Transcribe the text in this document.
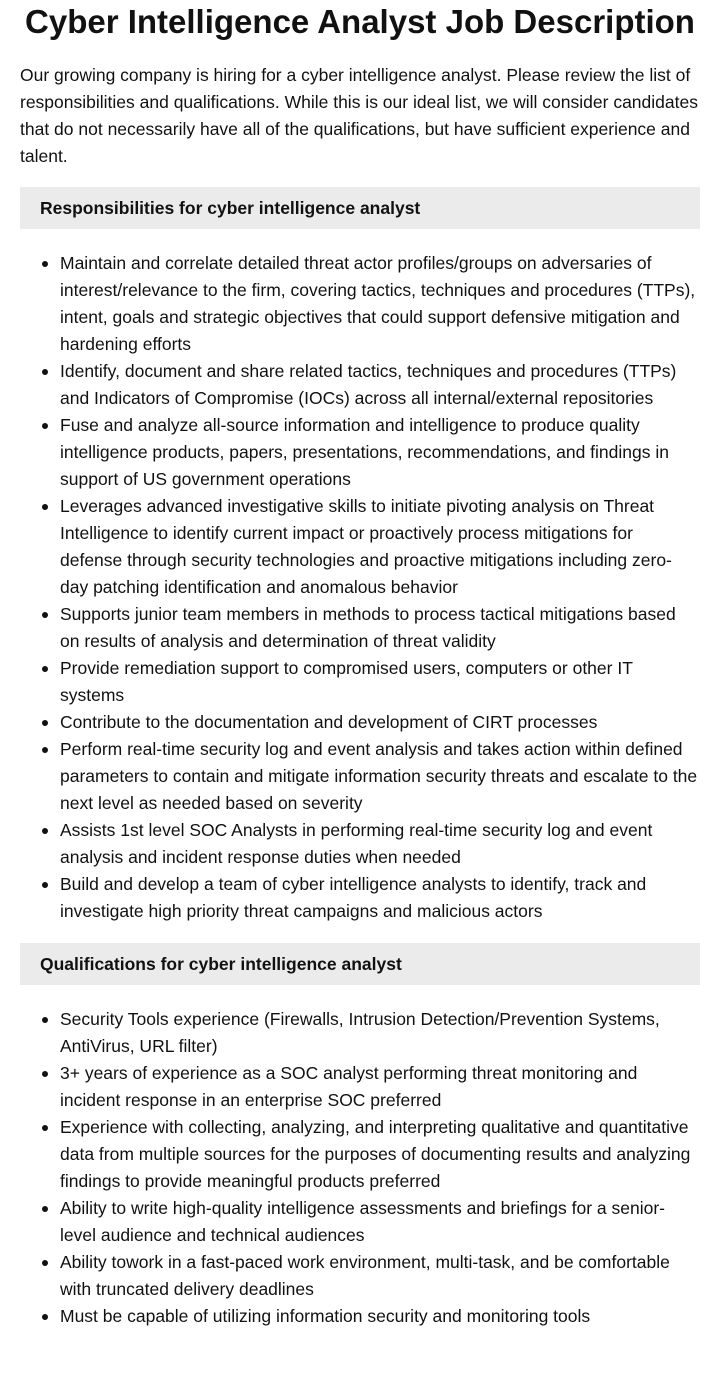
Cyber Intelligence Analyst Job Description

Our growing company is hiring for a cyber intelligence analyst. Please review the list of responsibilities and qualifications. While this is our ideal list, we will consider candidates that do not necessarily have all of the qualifications, but have sufficient experience and talent.

Responsibilities for cyber intelligence analyst
Maintain and correlate detailed threat actor profiles/groups on adversaries of interest/relevance to the firm, covering tactics, techniques and procedures (TTPs), intent, goals and strategic objectives that could support defensive mitigation and hardening efforts
Identify, document and share related tactics, techniques and procedures (TTPs) and Indicators of Compromise (IOCs) across all internal/external repositories
Fuse and analyze all-source information and intelligence to produce quality intelligence products, papers, presentations, recommendations, and findings in support of US government operations
Leverages advanced investigative skills to initiate pivoting analysis on Threat Intelligence to identify current impact or proactively process mitigations for defense through security technologies and proactive mitigations including zero-day patching identification and anomalous behavior
Supports junior team members in methods to process tactical mitigations based on results of analysis and determination of threat validity
Provide remediation support to compromised users, computers or other IT systems
Contribute to the documentation and development of CIRT processes
Perform real-time security log and event analysis and takes action within defined parameters to contain and mitigate information security threats and escalate to the next level as needed based on severity
Assists 1st level SOC Analysts in performing real-time security log and event analysis and incident response duties when needed
Build and develop a team of cyber intelligence analysts to identify, track and investigate high priority threat campaigns and malicious actors
Qualifications for cyber intelligence analyst
Security Tools experience (Firewalls, Intrusion Detection/Prevention Systems, AntiVirus, URL filter)
3+ years of experience as a SOC analyst performing threat monitoring and incident response in an enterprise SOC preferred
Experience with collecting, analyzing, and interpreting qualitative and quantitative data from multiple sources for the purposes of documenting results and analyzing findings to provide meaningful products preferred
Ability to write high-quality intelligence assessments and briefings for a senior-level audience and technical audiences
Ability towork in a fast-paced work environment, multi-task, and be comfortable with truncated delivery deadlines
Must be capable of utilizing information security and monitoring tools
